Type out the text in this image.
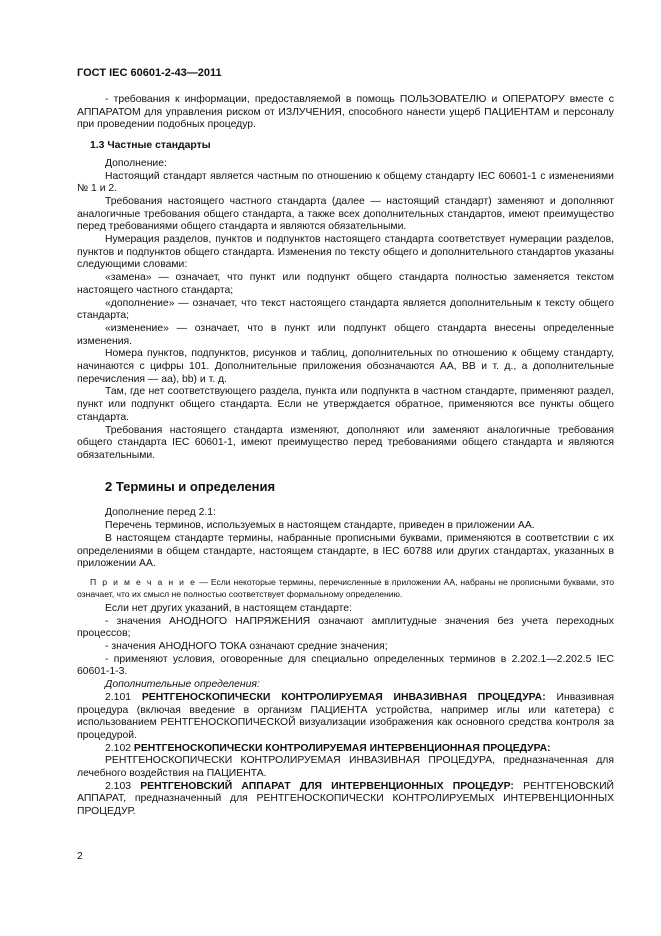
ГОСТ IEC 60601-2-43—2011

- требования к информации, предоставляемой в помощь ПОЛЬЗОВАТЕЛЮ и ОПЕРАТОРУ вместе с АППАРАТОМ для управления риском от ИЗЛУЧЕНИЯ, способного нанести ущерб ПАЦИЕНТАМ и персоналу при проведении подобных процедур.

1.3 Частные стандарты

Дополнение:

Настоящий стандарт является частным по отношению к общему стандарту IEC 60601-1 с изменениями № 1 и 2.

Требования настоящего частного стандарта (далее — настоящий стандарт) заменяют и дополняют аналогичные требования общего стандарта, а также всех дополнительных стандартов, имеют преимущество перед требованиями общего стандарта и являются обязательными.

Нумерация разделов, пунктов и подпунктов настоящего стандарта соответствует нумерации разделов, пунктов и подпунктов общего стандарта. Изменения по тексту общего и дополнительного стандартов указаны следующими словами:

«замена» — означает, что пункт или подпункт общего стандарта полностью заменяется текстом настоящего частного стандарта;

«дополнение» — означает, что текст настоящего стандарта является дополнительным к тексту общего стандарта;

«изменение» — означает, что в пункт или подпункт общего стандарта внесены определенные изменения.

Номера пунктов, подпунктов, рисунков и таблиц, дополнительных по отношению к общему стандарту, начинаются с цифры 101. Дополнительные приложения обозначаются АА, ВВ и т. д., а дополнительные перечисления — аа), bb) и т. д.

Там, где нет соответствующего раздела, пункта или подпункта в частном стандарте, применяют раздел, пункт или подпункт общего стандарта. Если не утверждается обратное, применяются все пункты общего стандарта.

Требования настоящего стандарта изменяют, дополняют или заменяют аналогичные требования общего стандарта IEC 60601-1, имеют преимущество перед требованиями общего стандарта и являются обязательными.

2 Термины и определения

Дополнение перед 2.1:

Перечень терминов, используемых в настоящем стандарте, приведен в приложении АА.

В настоящем стандарте термины, набранные прописными буквами, применяются в соответствии с их определениями в общем стандарте, настоящем стандарте, в IEC 60788 или других стандартах, указанных в приложении АА.

П р и м е ч а н и е — Если некоторые термины, перечисленные в приложении АА, набраны не прописными буквами, это означает, что их смысл не полностью соответствует формальному определению.

Если нет других указаний, в настоящем стандарте:

- значения АНОДНОГО НАПРЯЖЕНИЯ означают амплитудные значения без учета переходных процессов;

- значения АНОДНОГО ТОКА означают средние значения;

- применяют условия, оговоренные для специально определенных терминов в 2.202.1—2.202.5 IEC 60601-1-3.

Дополнительные определения:

2.101 РЕНТГЕНОСКОПИЧЕСКИ КОНТРОЛИРУЕМАЯ ИНВАЗИВНАЯ ПРОЦЕДУРА: Инвазивная процедура (включая введение в организм ПАЦИЕНТА устройства, например иглы или катетера) с использованием РЕНТГЕНОСКОПИЧЕСКОЙ визуализации изображения как основного средства контроля за процедурой.

2.102 РЕНТГЕНОСКОПИЧЕСКИ КОНТРОЛИРУЕМАЯ ИНТЕРВЕНЦИОННАЯ ПРОЦЕДУРА:

РЕНТГЕНОСКОПИЧЕСКИ КОНТРОЛИРУЕМАЯ ИНВАЗИВНАЯ ПРОЦЕДУРА, предназначенная для лечебного воздействия на ПАЦИЕНТА.

2.103 РЕНТГЕНОВСКИЙ АППАРАТ ДЛЯ ИНТЕРВЕНЦИОННЫХ ПРОЦЕДУР: РЕНТГЕНОВСКИЙ АППАРАТ, предназначенный для РЕНТГЕНОСКОПИЧЕСКИ КОНТРОЛИРУЕМЫХ ИНТЕРВЕНЦИОННЫХ ПРОЦЕДУР.

2
